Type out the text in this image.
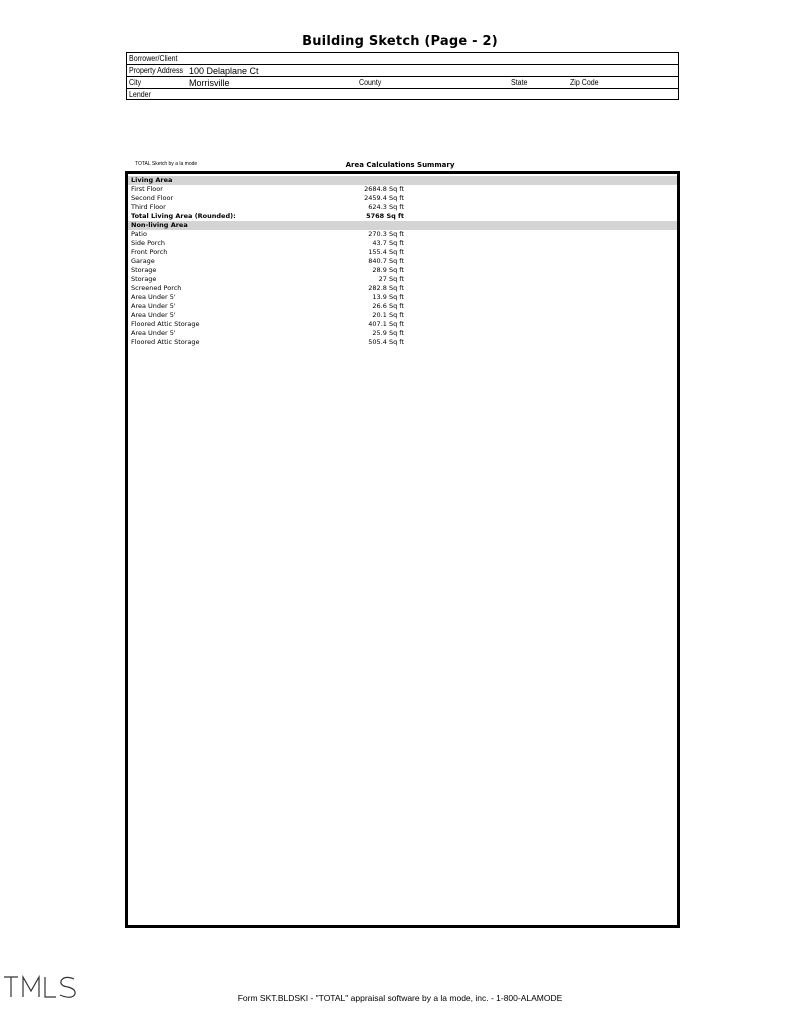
Building Sketch (Page - 2)
Borrower/Client
Property Address 100 Delaplane Ct
City	Morrisville	County	State	Zip Code
Lender
TOTAL Sketch by a la mode	Area Calculations Summary
Living Area
First Floor	2684.8 Sq ft
Second Floor	2459.4 Sq ft
Third Floor	624.3 Sq ft
Total Living Area (Rounded):	5768 Sq ft
Non-living Area
Patio	270.3 Sq ft
Side Porch	43.7 Sq ft
Front Porch	155.4 Sq ft
Garage	840.7 Sq ft
Storage	28.9 Sq ft
Storage	27 Sq ft
Screened Porch	282.8 Sq ft
Area Under 5'	13.9 Sq ft
Area Under 5'	26.6 Sq ft
Area Under 5'	20.1 Sq ft
Floored Attic Storage	407.1 Sq ft
Area Under 5'	25.9 Sq ft
Floored Attic Storage	505.4 Sq ft
Form SKT.BLDSKI - "TOTAL" appraisal software by a la mode, inc. - 1-800-ALAMODE
